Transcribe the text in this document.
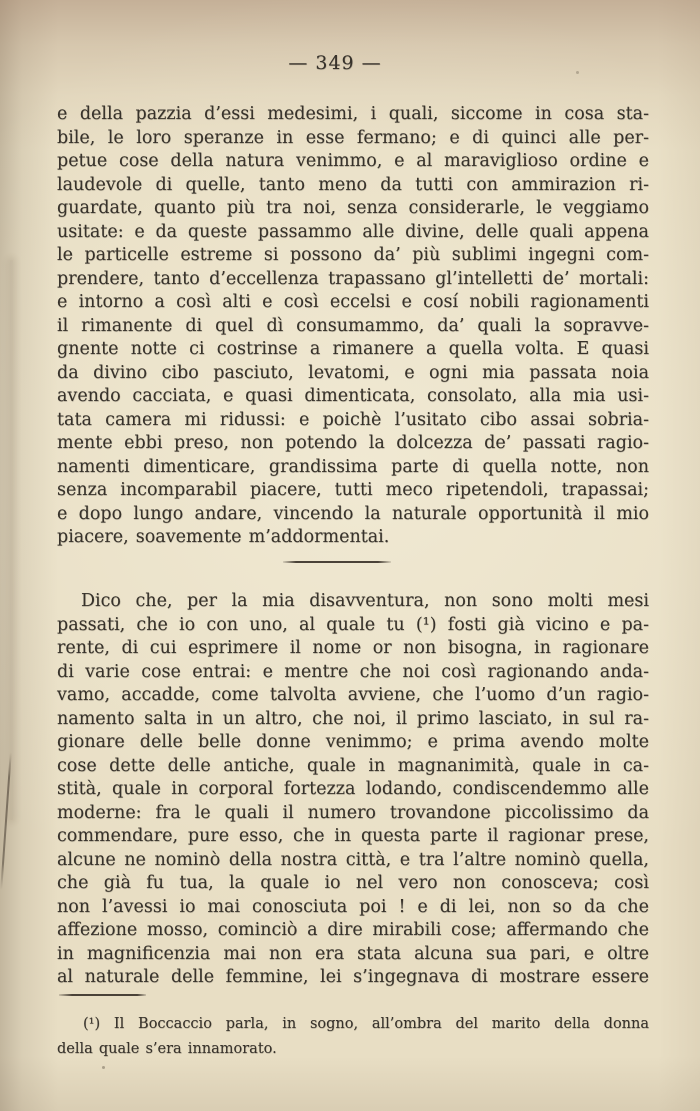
— 349 —
e della pazzia d’essi medesimi, i quali, siccome in cosa sta-
bile, le loro speranze in esse fermano; e di quinci alle per-
petue cose della natura venimmo, e al maraviglioso ordine e
laudevole di quelle, tanto meno da tutti con ammirazion ri-
guardate, quanto più tra noi, senza considerarle, le veggiamo
usitate: e da queste passammo alle divine, delle quali appena
le particelle estreme si possono da’ più sublimi ingegni com-
prendere, tanto d’eccellenza trapassano gl’intelletti de’ mortali:
e intorno a così alti e così eccelsi e cosí nobili ragionamenti
il rimanente di quel dì consumammo, da’ quali la sopravve-
gnente notte ci costrinse a rimanere a quella volta. E quasi
da divino cibo pasciuto, levatomi, e ogni mia passata noia
avendo cacciata, e quasi dimenticata, consolato, alla mia usi-
tata camera mi ridussi: e poichè l’usitato cibo assai sobria-
mente ebbi preso, non potendo la dolcezza de’ passati ragio-
namenti dimenticare, grandissima parte di quella notte, non
senza incomparabil piacere, tutti meco ripetendoli, trapassai;
e dopo lungo andare, vincendo la naturale opportunità il mio
piacere, soavemente m’addormentai.
Dico che, per la mia disavventura, non sono molti mesi
passati, che io con uno, al quale tu (¹) fosti già vicino e pa-
rente, di cui esprimere il nome or non bisogna, in ragionare
di varie cose entrai: e mentre che noi così ragionando anda-
vamo, accadde, come talvolta avviene, che l’uomo d’un ragio-
namento salta in un altro, che noi, il primo lasciato, in sul ra-
gionare delle belle donne venimmo; e prima avendo molte
cose dette delle antiche, quale in magnanimità, quale in ca-
stità, quale in corporal fortezza lodando, condiscendemmo alle
moderne: fra le quali il numero trovandone piccolissimo da
commendare, pure esso, che in questa parte il ragionar prese,
alcune ne nominò della nostra città, e tra l’altre nominò quella,
che già fu tua, la quale io nel vero non conosceva; così
non l’avessi io mai conosciuta poi ! e di lei, non so da che
affezione mosso, cominciò a dire mirabili cose; affermando che
in magnificenzia mai non era stata alcuna sua pari, e oltre
al naturale delle femmine, lei s’ingegnava di mostrare essere
(¹) Il Boccaccio parla, in sogno, all’ombra del marito della donna
della quale s’era innamorato.
